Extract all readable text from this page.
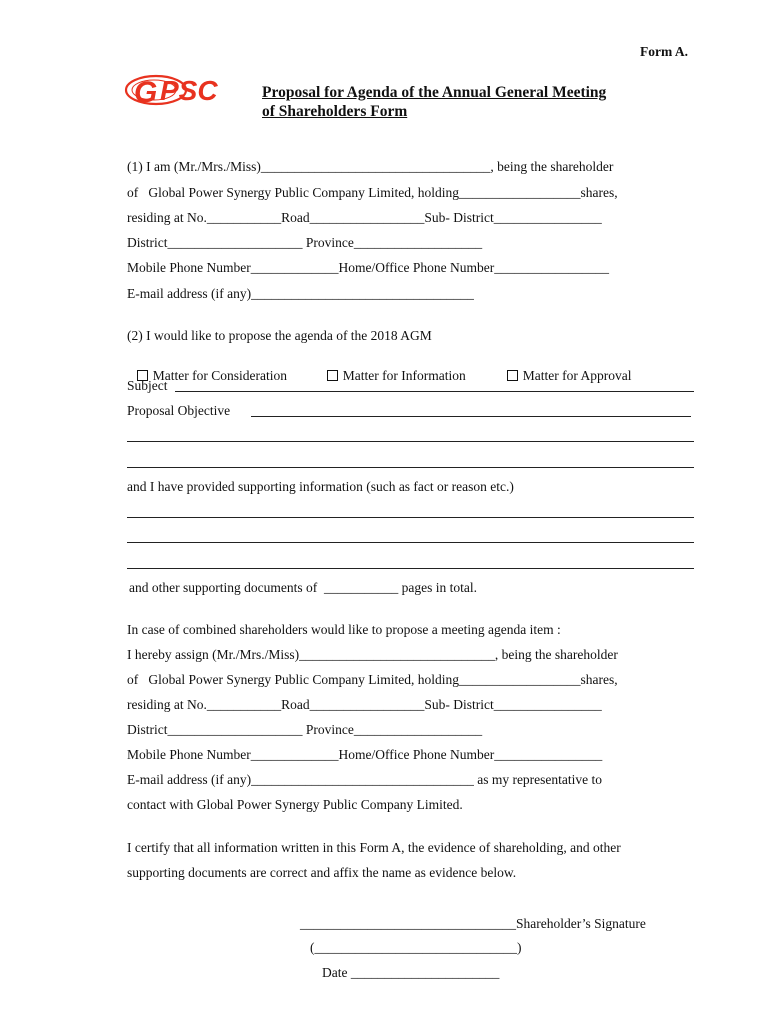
Form A.
G PSC	Proposal for Agenda of the Annual General Meeting
of Shareholders Form
(1) I am (Mr./Mrs./Miss)__________________________________, being the shareholder
of   Global Power Synergy Public Company Limited, holding__________________shares,
residing at No.___________Road_________________Sub- District________________
District____________________ Province___________________
Mobile Phone Number_____________Home/Office Phone Number_________________
E-mail address (if any)_________________________________
(2) I would like to propose the agenda of the 2018 AGM

Matter for Consideration	Matter for Information	Matter for Approval

Subject
Proposal Objective
and I have provided supporting information (such as fact or reason etc.)
and other supporting documents of  ___________ pages in total.
In case of combined shareholders would like to propose a meeting agenda item :
I hereby assign (Mr./Mrs./Miss)_____________________________, being the shareholder
of   Global Power Synergy Public Company Limited, holding__________________shares,
residing at No.___________Road_________________Sub- District________________
District____________________ Province___________________
Mobile Phone Number_____________Home/Office Phone Number________________
E-mail address (if any)_________________________________ as my representative to
contact with Global Power Synergy Public Company Limited.
I certify that all information written in this Form A, the evidence of shareholding, and other
supporting documents are correct and affix the name as evidence below.
________________________________Shareholder’s Signature
(______________________________)
Date ______________________
